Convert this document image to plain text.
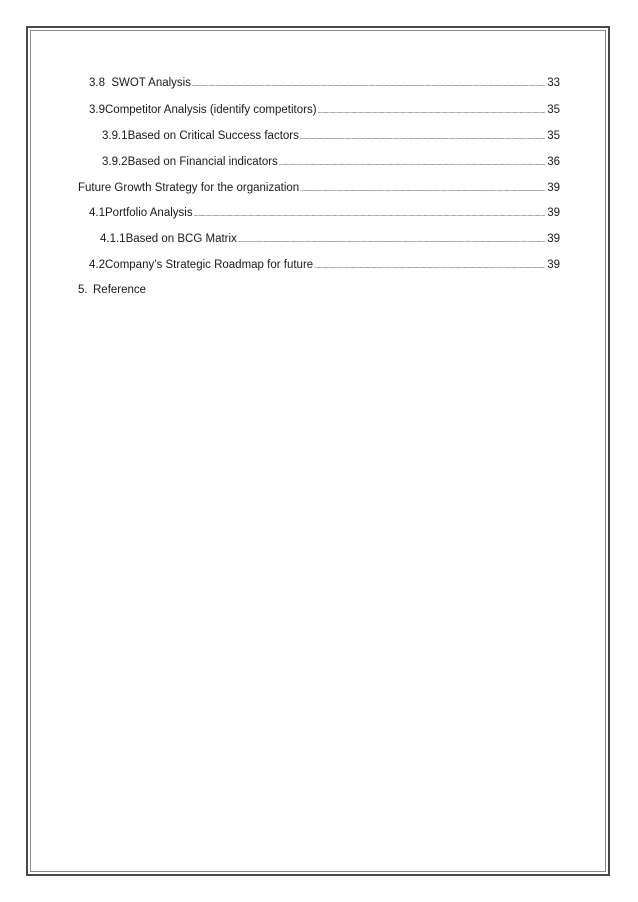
3.8 SWOT Analysis .....	33
3.9 Competitor Analysis (identify competitors) .....	35
3.9.1 Based on Critical Success factors .....	35
3.9.2 Based on Financial indicators .....	36
Future Growth Strategy for the organization .....	39
4.1 Portfolio Analysis .....	39
4.1.1 Based on BCG Matrix .....	39
4.2 Company’s Strategic Roadmap for future .....	39
5. Reference
